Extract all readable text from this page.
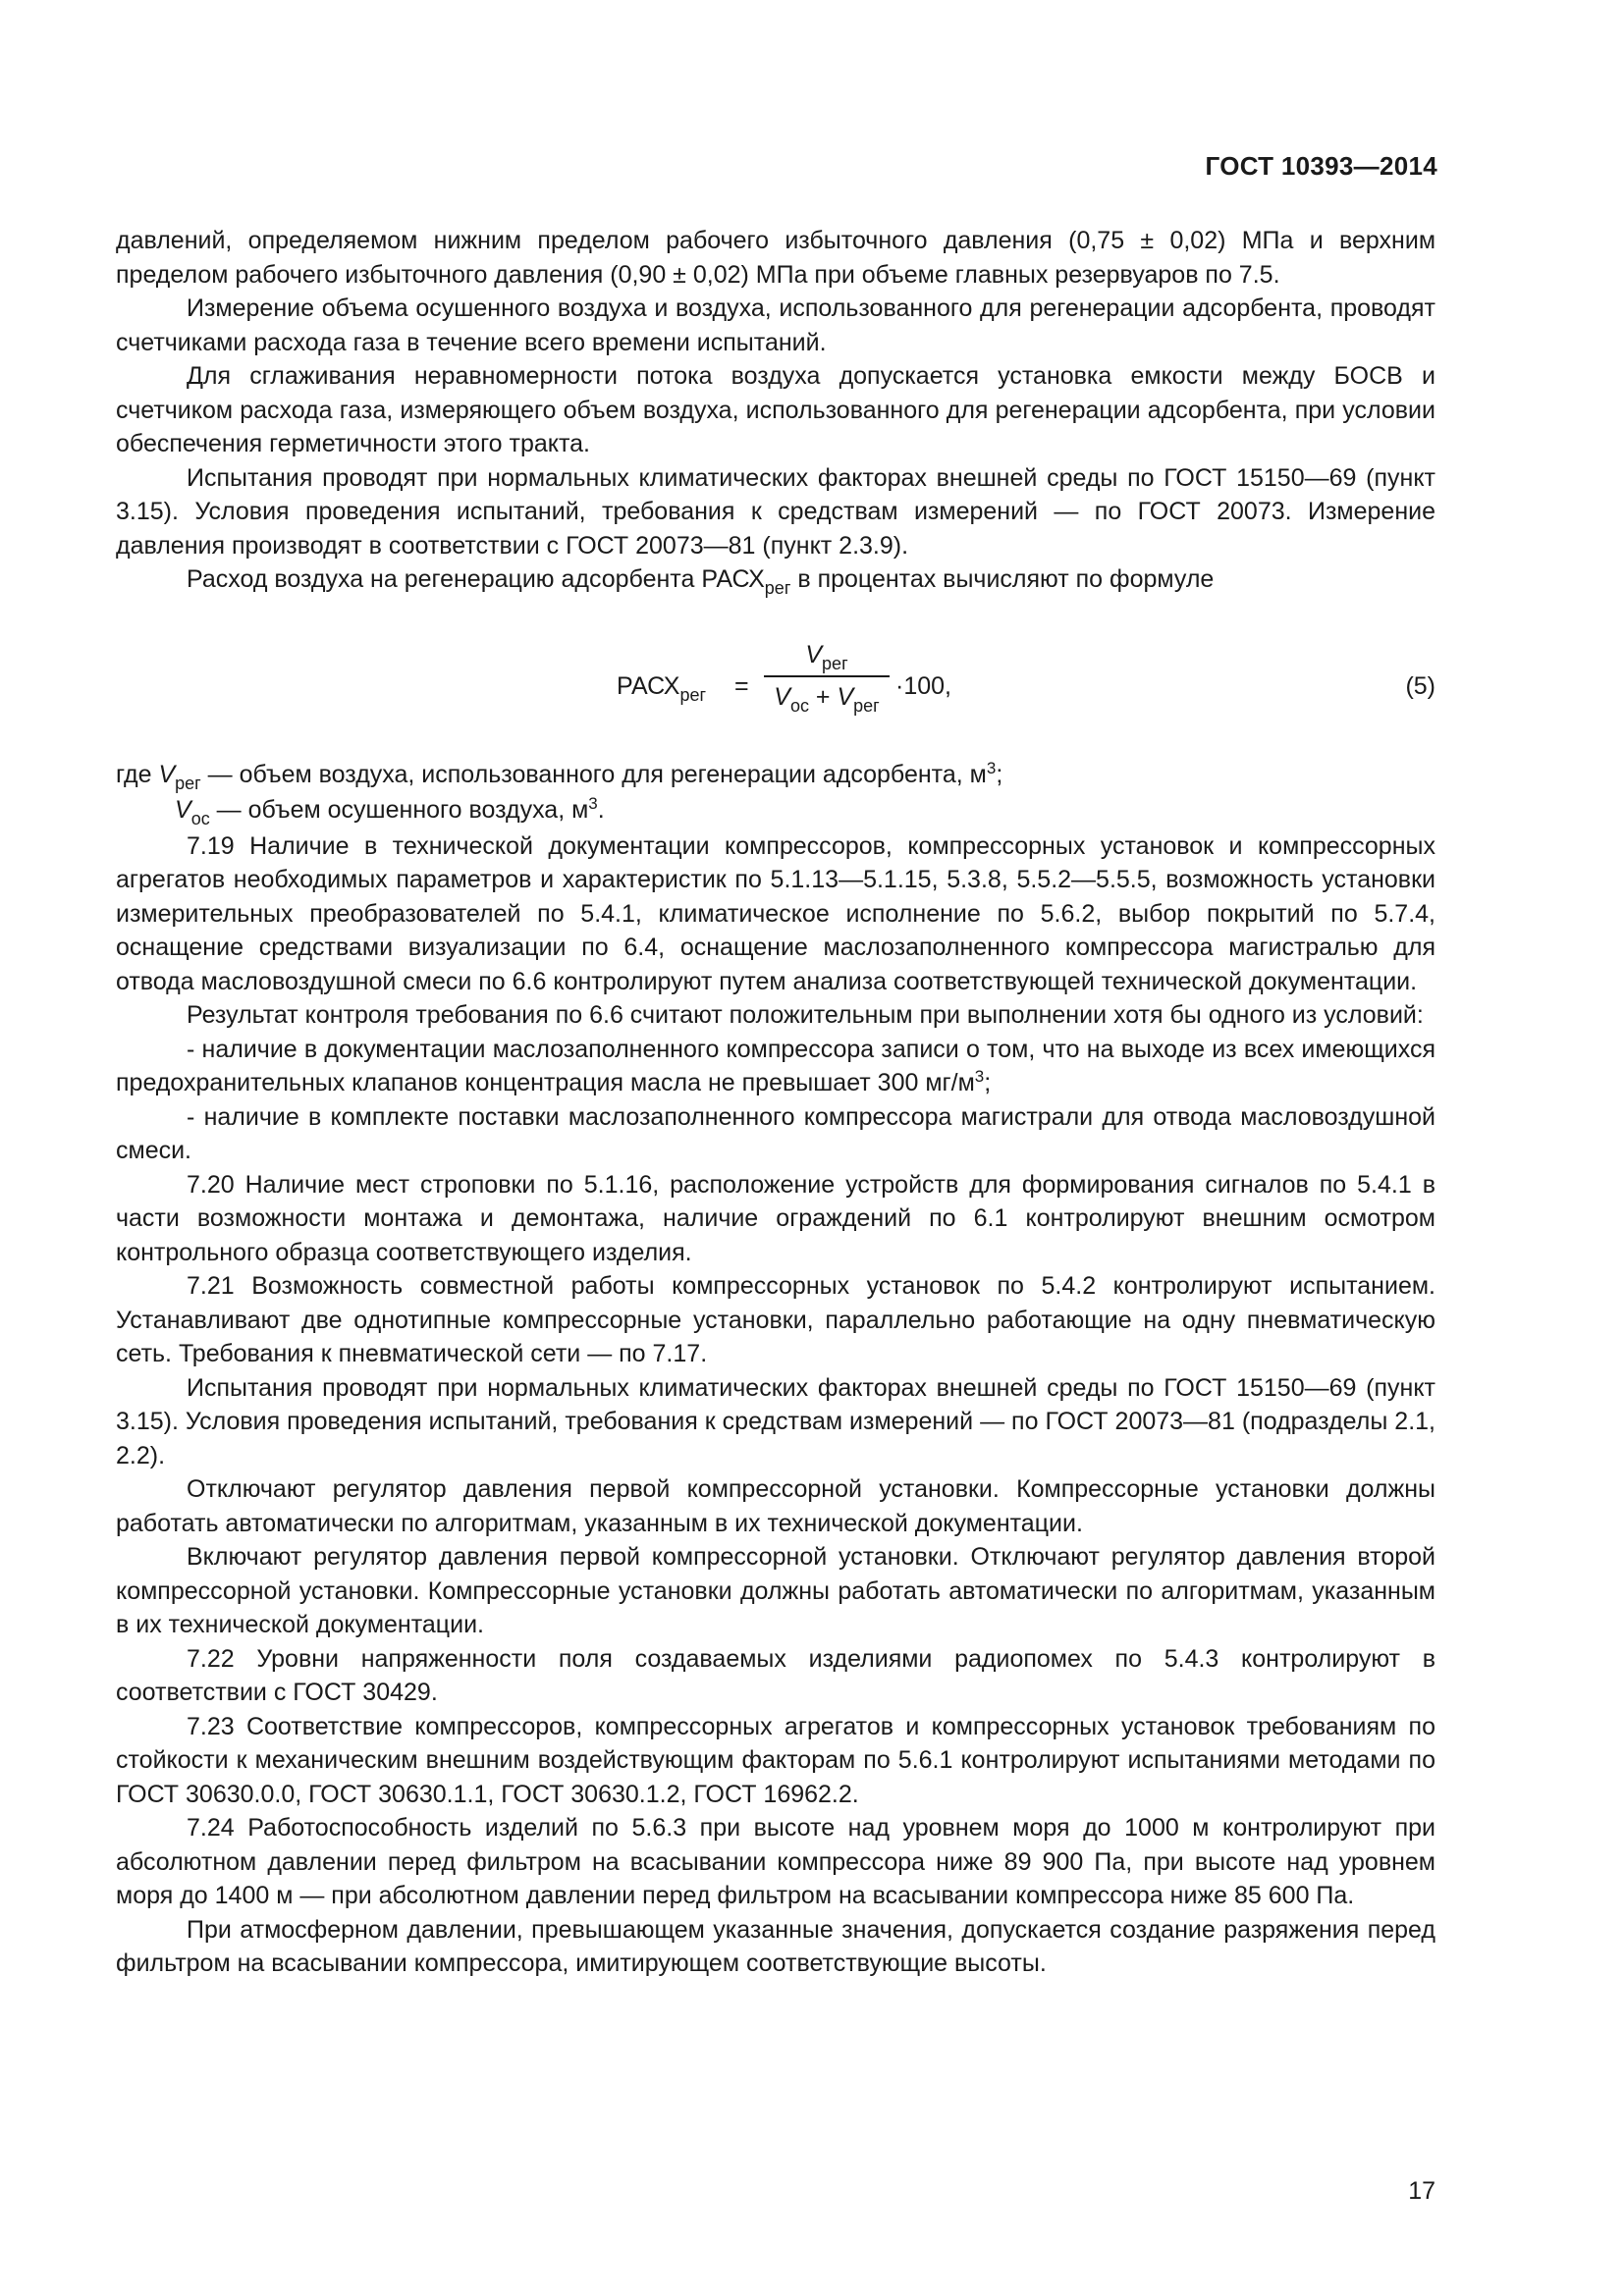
ГОСТ 10393—2014

давлений, определяемом нижним пределом рабочего избыточного давления (0,75 ± 0,02) МПа и верхним пределом рабочего избыточного давления (0,90 ± 0,02) МПа при объеме главных резервуаров по 7.5.

Измерение объема осушенного воздуха и воздуха, использованного для регенерации адсорбента, проводят счетчиками расхода газа в течение всего времени испытаний.

Для сглаживания неравномерности потока воздуха допускается установка емкости между БОСВ и счетчиком расхода газа, измеряющего объем воздуха, использованного для регенерации адсорбента, при условии обеспечения герметичности этого тракта.

Испытания проводят при нормальных климатических факторах внешней среды по ГОСТ 15150—69 (пункт 3.15). Условия проведения испытаний, требования к средствам измерений — по ГОСТ 20073. Измерение давления производят в соответствии с ГОСТ 20073—81 (пункт 2.3.9).

Расход воздуха на регенерацию адсорбента $РАСХ_{рег}$ в процентах вычисляют по формуле

$РАСХ_{рег}$ =
$V_{рег}$
$V_{ос} + V_{рег}$
·100,	(5)

где $V_{рег}$ — объем воздуха, использованного для регенерации адсорбента, $м^3$;

$V_{ос}$ — объем осушенного воздуха, $м^3$.

7.19 Наличие в технической документации компрессоров, компрессорных установок и компрессорных агрегатов необходимых параметров и характеристик по 5.1.13—5.1.15, 5.3.8, 5.5.2—5.5.5, возможность установки измерительных преобразователей по 5.4.1, климатическое исполнение по 5.6.2, выбор покрытий по 5.7.4, оснащение средствами визуализации по 6.4, оснащение маслозаполненного компрессора магистралью для отвода масловоздушной смеси по 6.6 контролируют путем анализа соответствующей технической документации.

Результат контроля требования по 6.6 считают положительным при выполнении хотя бы одного из условий:

- наличие в документации маслозаполненного компрессора записи о том, что на выходе из всех имеющихся предохранительных клапанов концентрация масла не превышает 300 $мг/м^3$;

- наличие в комплекте поставки маслозаполненного компрессора магистрали для отвода масловоздушной смеси.

7.20 Наличие мест строповки по 5.1.16, расположение устройств для формирования сигналов по 5.4.1 в части возможности монтажа и демонтажа, наличие ограждений по 6.1 контролируют внешним осмотром контрольного образца соответствующего изделия.

7.21 Возможность совместной работы компрессорных установок по 5.4.2 контролируют испытанием. Устанавливают две однотипные компрессорные установки, параллельно работающие на одну пневматическую сеть. Требования к пневматической сети — по 7.17.

Испытания проводят при нормальных климатических факторах внешней среды по ГОСТ 15150—69 (пункт 3.15). Условия проведения испытаний, требования к средствам измерений — по ГОСТ 20073—81 (подразделы 2.1, 2.2).

Отключают регулятор давления первой компрессорной установки. Компрессорные установки должны работать автоматически по алгоритмам, указанным в их технической документации.

Включают регулятор давления первой компрессорной установки. Отключают регулятор давления второй компрессорной установки. Компрессорные установки должны работать автоматически по алгоритмам, указанным в их технической документации.

7.22 Уровни напряженности поля создаваемых изделиями радиопомех по 5.4.3 контролируют в соответствии с ГОСТ 30429.

7.23 Соответствие компрессоров, компрессорных агрегатов и компрессорных установок требованиям по стойкости к механическим внешним воздействующим факторам по 5.6.1 контролируют испытаниями методами по ГОСТ 30630.0.0, ГОСТ 30630.1.1, ГОСТ 30630.1.2, ГОСТ 16962.2.

7.24 Работоспособность изделий по 5.6.3 при высоте над уровнем моря до 1000 м контролируют при абсолютном давлении перед фильтром на всасывании компрессора ниже 89 900 Па, при высоте над уровнем моря до 1400 м — при абсолютном давлении перед фильтром на всасывании компрессора ниже 85 600 Па.

При атмосферном давлении, превышающем указанные значения, допускается создание разряжения перед фильтром на всасывании компрессора, имитирующем соответствующие высоты.

17
